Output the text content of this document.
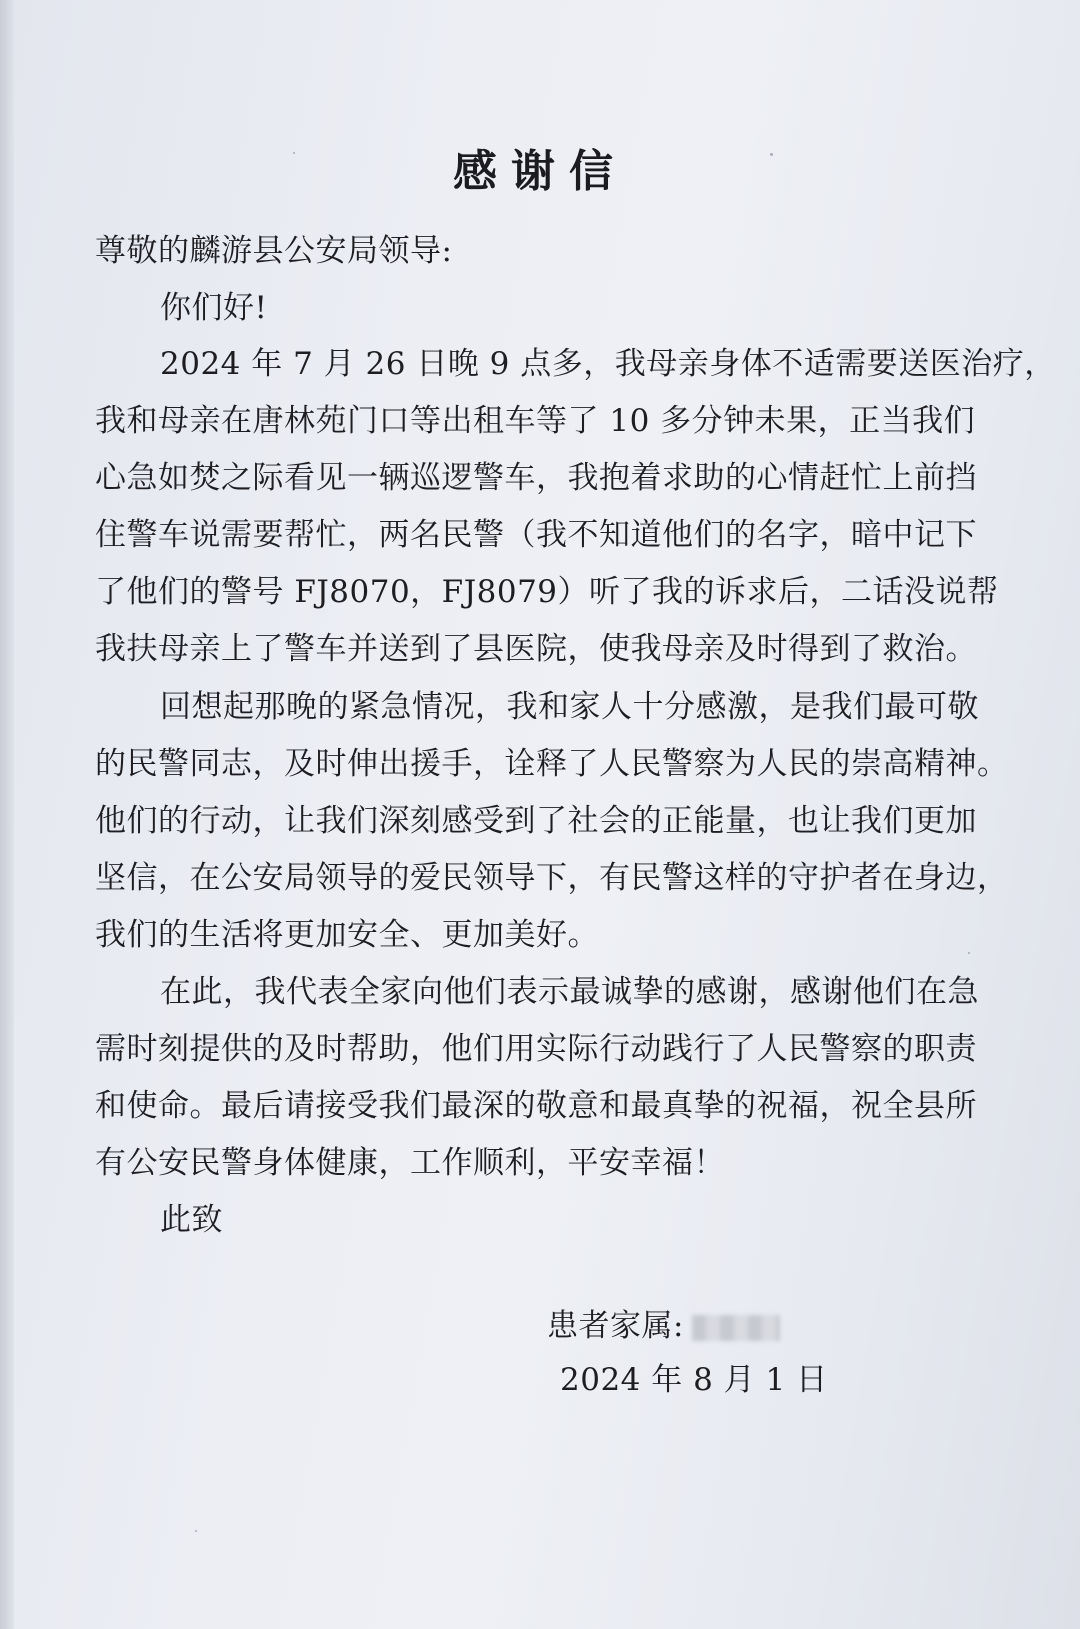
感谢信
尊敬的麟游县公安局领导:
你们好!
2024 年 7 月 26 日晚 9 点多，我母亲身体不适需要送医治疗，
我和母亲在唐林苑门口等出租车等了 10 多分钟未果，正当我们
心急如焚之际看见一辆巡逻警车，我抱着求助的心情赶忙上前挡
住警车说需要帮忙，两名民警（我不知道他们的名字，暗中记下
了他们的警号 FJ8070，FJ8079）听了我的诉求后，二话没说帮
我扶母亲上了警车并送到了县医院，使我母亲及时得到了救治。
回想起那晚的紧急情况，我和家人十分感激，是我们最可敬
的民警同志，及时伸出援手，诠释了人民警察为人民的崇高精神。
他们的行动，让我们深刻感受到了社会的正能量，也让我们更加
坚信，在公安局领导的爱民领导下，有民警这样的守护者在身边，
我们的生活将更加安全、更加美好。
在此，我代表全家向他们表示最诚挚的感谢，感谢他们在急
需时刻提供的及时帮助，他们用实际行动践行了人民警察的职责
和使命。最后请接受我们最深的敬意和最真挚的祝福，祝全县所
有公安民警身体健康，工作顺利，平安幸福！
此致
患者家属:
2024 年 8 月 1 日
